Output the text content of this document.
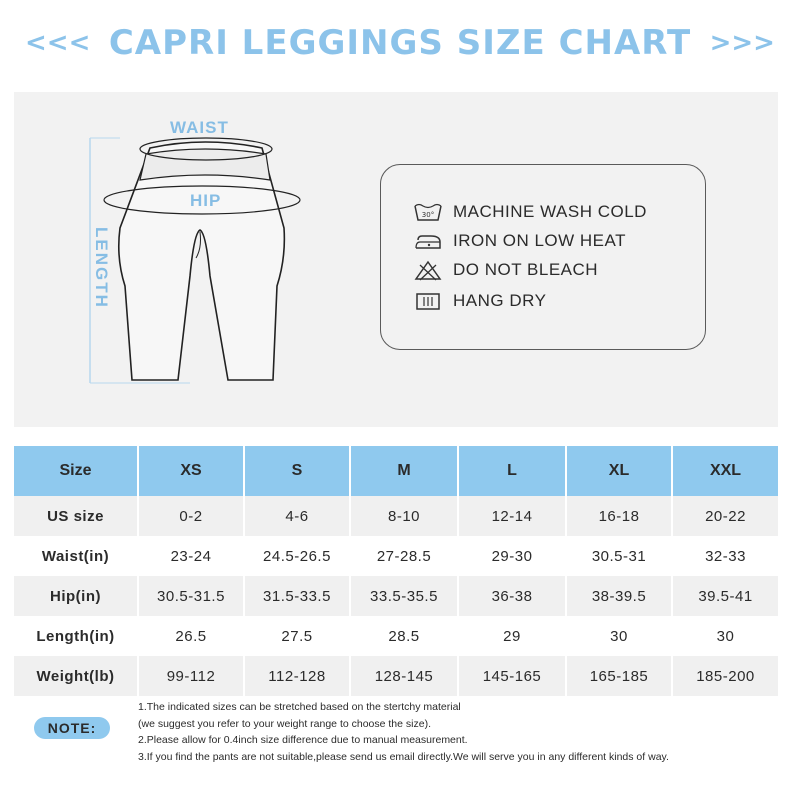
<<< CAPRI LEGGINGS SIZE CHART >>>
WAIST
HIP
LENGTH
30° MACHINE WASH COLD
IRON ON LOW HEAT
DO NOT BLEACH
HANG DRY
Size	XS	S	M	L	XL	XXL
US size	0-2	4-6	8-10	12-14	16-18	20-22
Waist(in)	23-24	24.5-26.5	27-28.5	29-30	30.5-31	32-33
Hip(in)	30.5-31.5	31.5-33.5	33.5-35.5	36-38	38-39.5	39.5-41
Length(in)	26.5	27.5	28.5	29	30	30
Weight(lb)	99-112	112-128	128-145	145-165	165-185	185-200
NOTE:
1.The indicated sizes can be stretched based on the stertchy material
(we suggest you refer to your weight range to choose the size).
2.Please allow for 0.4inch size difference due to manual measurement.
3.If you find the pants are not suitable,please send us email directly.We will serve you in any different kinds of way.
